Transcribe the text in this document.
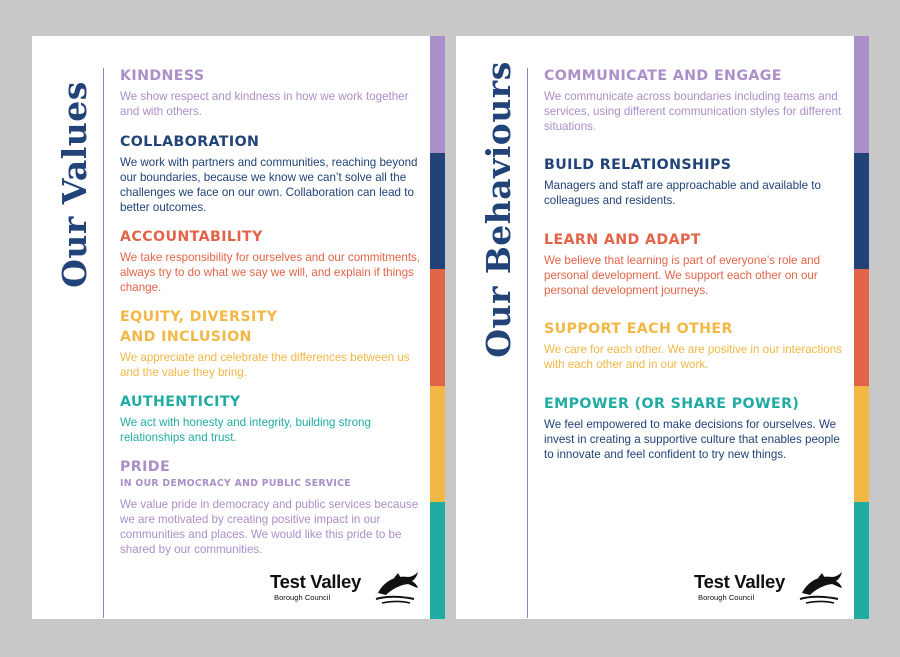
Our Values
KINDNESS

We show respect and kindness in how we work together and with others.

COLLABORATION

We work with partners and communities, reaching beyond our boundaries, because we know we can’t solve all the challenges we face on our own. Collaboration can lead to better outcomes.

ACCOUNTABILITY

We take responsibility for ourselves and our commitments, always try to do what we say we will, and explain if things change.

EQUITY, DIVERSITY
AND INCLUSION

We appreciate and celebrate the differences between us and the value they bring.

AUTHENTICITY

We act with honesty and integrity, building strong relationships and trust.

PRIDE
IN OUR DEMOCRACY AND PUBLIC SERVICE

We value pride in democracy and public services because we are motivated by creating positive impact in our communities and places. We would like this pride to be shared by our communities.

Test Valley
Borough Council
Our Behaviours COMMUNICATE AND ENGAGE

We communicate across boundaries including teams and services, using different communication styles for different situations.

BUILD RELATIONSHIPS

Managers and staff are approachable and available to colleagues and residents.

LEARN AND ADAPT

We believe that learning is part of everyone’s role and personal development. We support each other on our personal development journeys.

SUPPORT EACH OTHER

We care for each other. We are positive in our interactions with each other and in our work.

EMPOWER (OR SHARE POWER)

We feel empowered to make decisions for ourselves. We invest in creating a supportive culture that enables people to innovate and feel confident to try new things.

Test Valley
Borough Council
